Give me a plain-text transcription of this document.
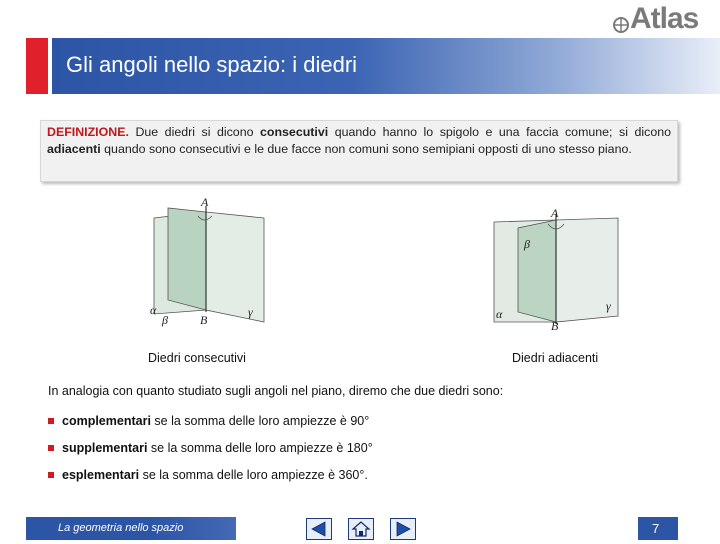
Atlas
Gli angoli nello spazio: i diedri
DEFINIZIONE. Due diedri si dicono consecutivi quando hanno lo spigolo e una faccia comune; si dicono adiacenti quando sono consecutivi e le due facce non comuni sono semipiani opposti di uno stesso piano.
A
B
α
β
γ
Diedri consecutivi
A
B
α
β
γ
Diedri adiacenti
In analogia con quanto studiato sugli angoli nel piano, diremo che due diedri sono:
complementari se la somma delle loro ampiezze è 90°
supplementari se la somma delle loro ampiezze è 180°
esplementari se la somma delle loro ampiezze è 360°.
La geometria nello spazio	7
